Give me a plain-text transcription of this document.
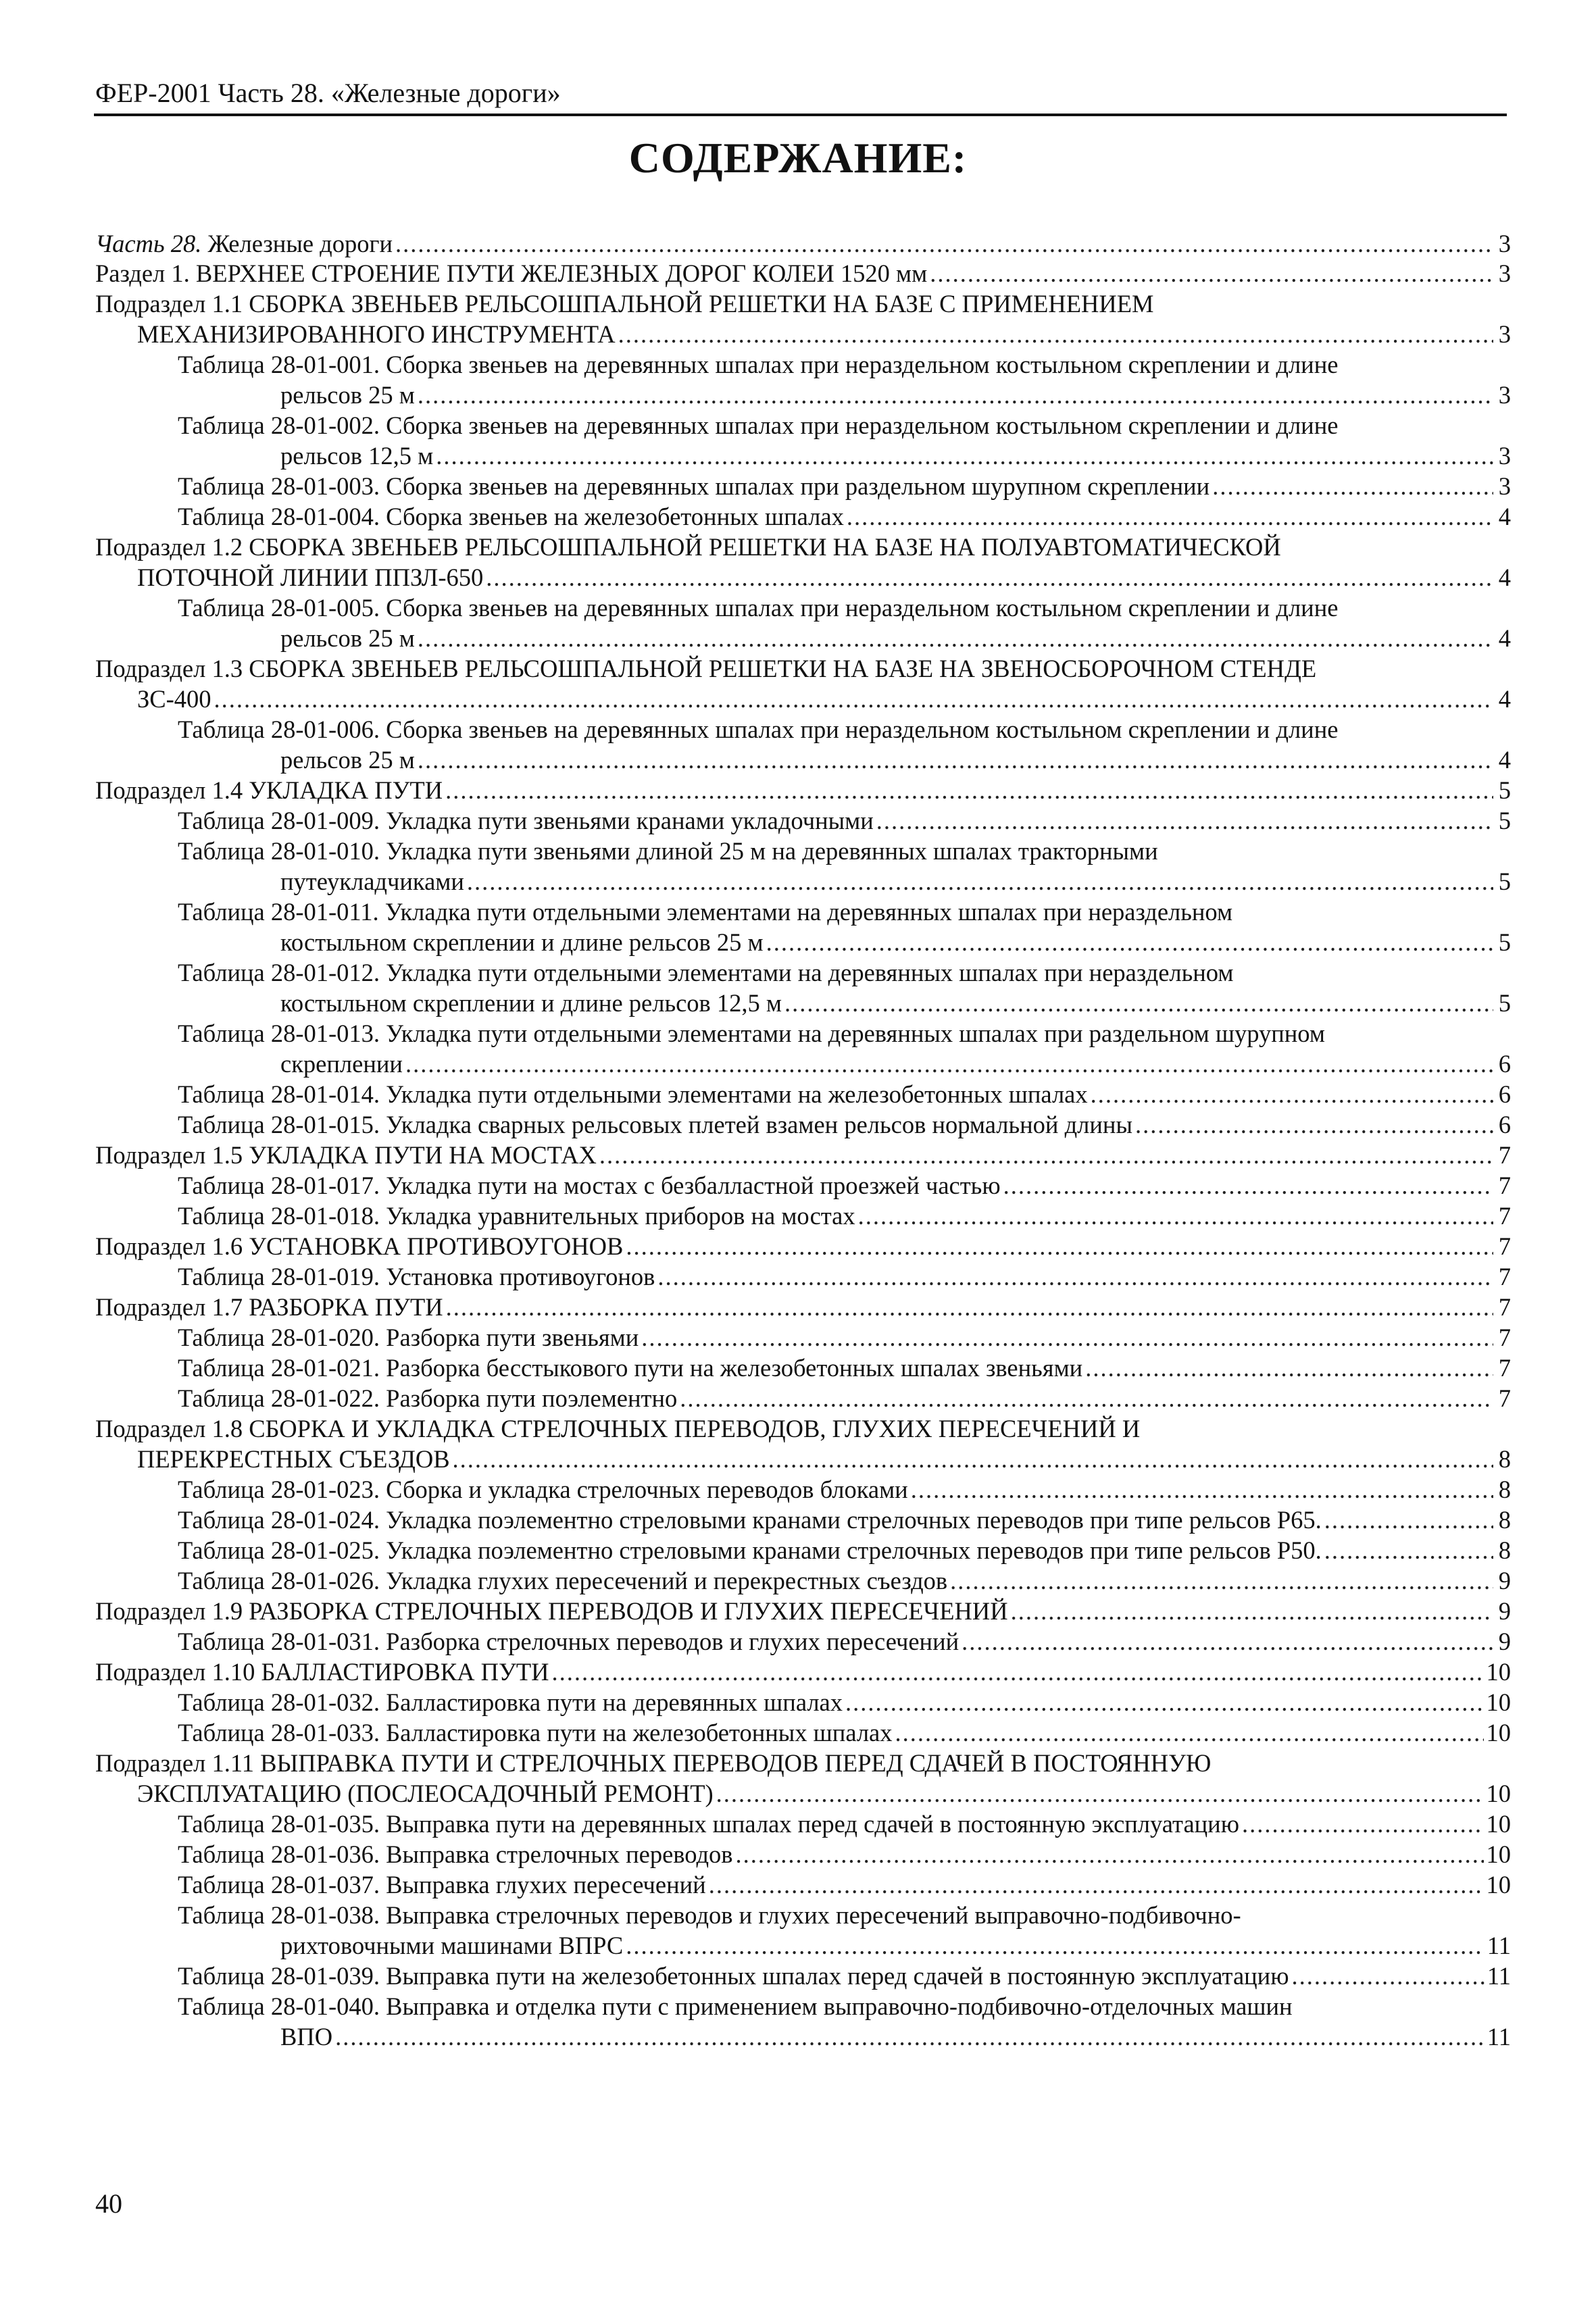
ФЕР-2001 Часть 28. «Железные дороги»
СОДЕРЖАНИЕ:
Часть 28. Железные дороги .....	3
Раздел 1. ВЕРХНЕЕ СТРОЕНИЕ ПУТИ ЖЕЛЕЗНЫХ ДОРОГ КОЛЕИ 1520 мм .....	3
Подраздел 1.1 СБОРКА ЗВЕНЬЕВ РЕЛЬСОШПАЛЬНОЙ РЕШЕТКИ НА БАЗЕ С ПРИМЕНЕНИЕМ
МЕХАНИЗИРОВАННОГО ИНСТРУМЕНТА .....	3
Таблица 28-01-001. Сборка звеньев на деревянных шпалах при нераздельном костыльном скреплении и длине
рельсов 25 м .....	3
Таблица 28-01-002. Сборка звеньев на деревянных шпалах при нераздельном костыльном скреплении и длине
рельсов 12,5 м .....	3
Таблица 28-01-003. Сборка звеньев на деревянных шпалах при раздельном шурупном скреплении .....	3
Таблица 28-01-004. Сборка звеньев на железобетонных шпалах .....	4
Подраздел 1.2 СБОРКА ЗВЕНЬЕВ РЕЛЬСОШПАЛЬНОЙ РЕШЕТКИ НА БАЗЕ НА ПОЛУАВТОМАТИЧЕСКОЙ
ПОТОЧНОЙ ЛИНИИ ППЗЛ-650 .....	4
Таблица 28-01-005. Сборка звеньев на деревянных шпалах при нераздельном костыльном скреплении и длине
рельсов 25 м .....	4
Подраздел 1.3 СБОРКА ЗВЕНЬЕВ РЕЛЬСОШПАЛЬНОЙ РЕШЕТКИ НА БАЗЕ НА ЗВЕНОСБОРОЧНОМ СТЕНДЕ
ЗС-400 .....	4
Таблица 28-01-006. Сборка звеньев на деревянных шпалах при нераздельном костыльном скреплении и длине
рельсов 25 м .....	4
Подраздел 1.4 УКЛАДКА ПУТИ .....	5
Таблица 28-01-009. Укладка пути звеньями кранами укладочными .....	5
Таблица 28-01-010. Укладка пути звеньями длиной 25 м на деревянных шпалах тракторными
путеукладчиками .....	5
Таблица 28-01-011. Укладка пути отдельными элементами на деревянных шпалах при нераздельном
костыльном скреплении и длине рельсов 25 м .....	5
Таблица 28-01-012. Укладка пути отдельными элементами на деревянных шпалах при нераздельном
костыльном скреплении и длине рельсов 12,5 м .....	5
Таблица 28-01-013. Укладка пути отдельными элементами на деревянных шпалах при раздельном шурупном
скреплении .....	6
Таблица 28-01-014. Укладка пути отдельными элементами на железобетонных шпалах .....	6
Таблица 28-01-015. Укладка сварных рельсовых плетей взамен рельсов нормальной длины .....	6
Подраздел 1.5 УКЛАДКА ПУТИ НА МОСТАХ .....	7
Таблица 28-01-017. Укладка пути на мостах с безбалластной проезжей частью .....	7
Таблица 28-01-018. Укладка уравнительных приборов на мостах .....	7
Подраздел 1.6 УСТАНОВКА ПРОТИВОУГОНОВ .....	7
Таблица 28-01-019. Установка противоугонов .....	7
Подраздел 1.7 РАЗБОРКА ПУТИ .....	7
Таблица 28-01-020. Разборка пути звеньями .....	7
Таблица 28-01-021. Разборка бесстыкового пути на железобетонных шпалах звеньями .....	7
Таблица 28-01-022. Разборка пути поэлементно .....	7
Подраздел 1.8 СБОРКА И УКЛАДКА СТРЕЛОЧНЫХ ПЕРЕВОДОВ, ГЛУХИХ ПЕРЕСЕЧЕНИЙ И
ПЕРЕКРЕСТНЫХ СЪЕЗДОВ .....	8
Таблица 28-01-023. Сборка и укладка стрелочных переводов блоками .....	8
Таблица 28-01-024. Укладка поэлементно стреловыми кранами стрелочных переводов при типе рельсов Р65. .....	8
Таблица 28-01-025. Укладка поэлементно стреловыми кранами стрелочных переводов при типе рельсов Р50. .....	8
Таблица 28-01-026. Укладка глухих пересечений и перекрестных съездов .....	9
Подраздел 1.9 РАЗБОРКА СТРЕЛОЧНЫХ ПЕРЕВОДОВ И ГЛУХИХ ПЕРЕСЕЧЕНИЙ .....	9
Таблица 28-01-031. Разборка стрелочных переводов и глухих пересечений .....	9
Подраздел 1.10 БАЛЛАСТИРОВКА ПУТИ .....	10
Таблица 28-01-032. Балластировка пути на деревянных шпалах .....	10
Таблица 28-01-033. Балластировка пути на железобетонных шпалах .....	10
Подраздел 1.11 ВЫПРАВКА ПУТИ И СТРЕЛОЧНЫХ ПЕРЕВОДОВ ПЕРЕД СДАЧЕЙ В ПОСТОЯННУЮ
ЭКСПЛУАТАЦИЮ (ПОСЛЕОСАДОЧНЫЙ РЕМОНТ) .....	10
Таблица 28-01-035. Выправка пути на деревянных шпалах перед сдачей в постоянную эксплуатацию .....	10
Таблица 28-01-036. Выправка стрелочных переводов .....	10
Таблица 28-01-037. Выправка глухих пересечений .....	10
Таблица 28-01-038. Выправка стрелочных переводов и глухих пересечений выправочно-подбивочно-
рихтовочными машинами ВПРС .....	11
Таблица 28-01-039. Выправка пути на железобетонных шпалах перед сдачей в постоянную эксплуатацию .....	11
Таблица 28-01-040. Выправка и отделка пути с применением выправочно-подбивочно-отделочных машин
ВПО .....	11
40
